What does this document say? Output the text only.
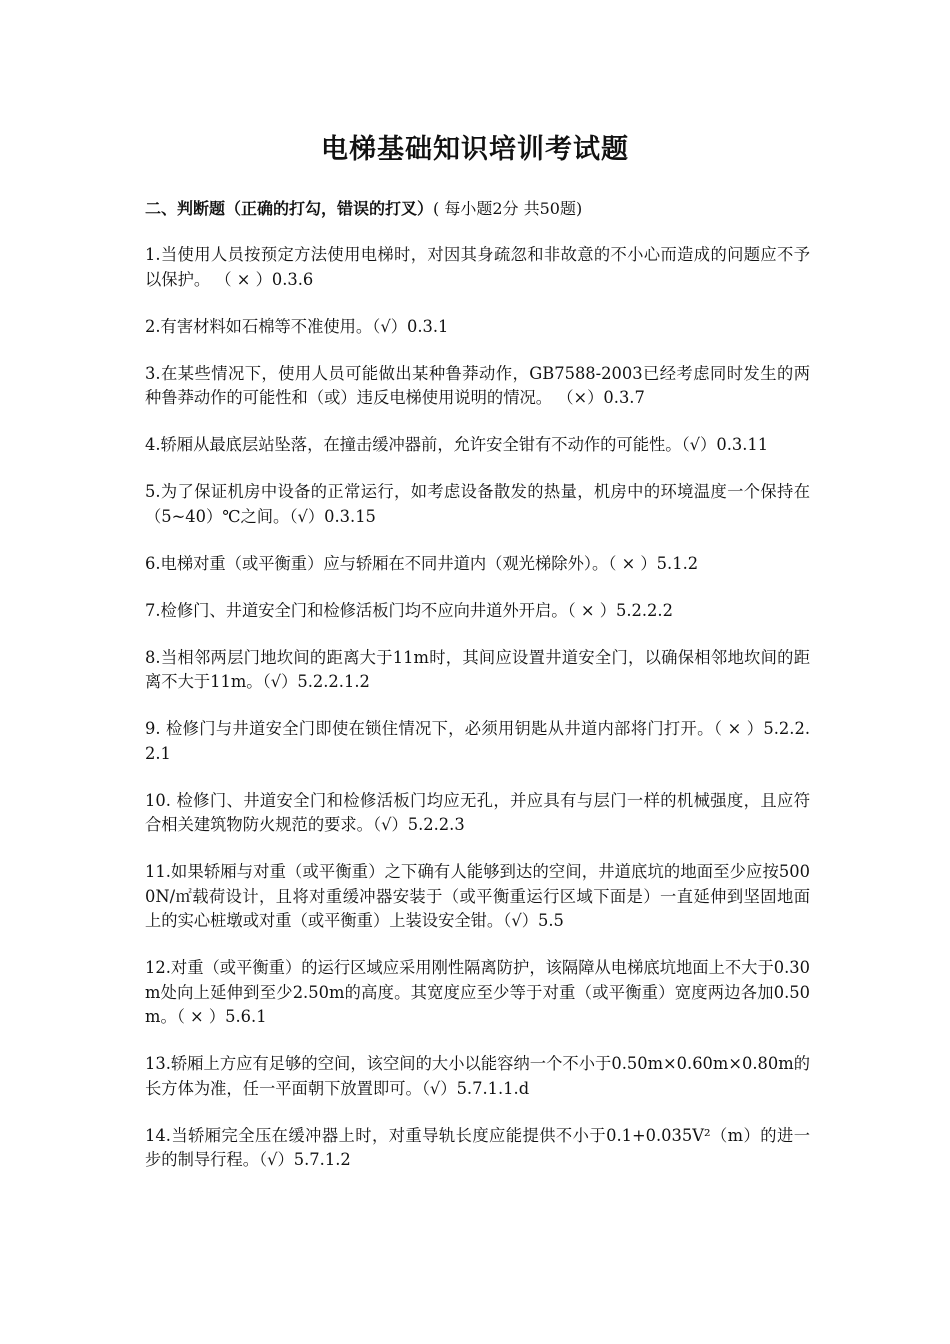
电梯基础知识培训考试题
二、判断题（正确的打勾，错误的打叉）( 每小题2分 共50题)
1.当使用人员按预定方法使用电梯时，对因其身疏忽和非故意的不小心而造成的问题应不予以保护。 （ × ）0.3.6
2.有害材料如石棉等不准使用。（√）0.3.1
3.在某些情况下，使用人员可能做出某种鲁莽动作，GB7588-2003已经考虑同时发生的两种鲁莽动作的可能性和（或）违反电梯使用说明的情况。 （×）0.3.7
4.轿厢从最底层站坠落，在撞击缓冲器前，允许安全钳有不动作的可能性。（√）0.3.11
5.为了保证机房中设备的正常运行，如考虑设备散发的热量，机房中的环境温度一个保持在（5~40）℃之间。（√）0.3.15
6.电梯对重（或平衡重）应与轿厢在不同井道内（观光梯除外）。（ × ）5.1.2
7.检修门、井道安全门和检修活板门均不应向井道外开启。（ × ）5.2.2.2
8.当相邻两层门地坎间的距离大于11m时，其间应设置井道安全门，以确保相邻地坎间的距离不大于11m。（√）5.2.2.1.2
9. 检修门与井道安全门即使在锁住情况下，必须用钥匙从井道内部将门打开。（ × ）5.2.2.2.1
10. 检修门、井道安全门和检修活板门均应无孔，并应具有与层门一样的机械强度，且应符合相关建筑物防火规范的要求。（√）5.2.2.3
11.如果轿厢与对重（或平衡重）之下确有人能够到达的空间，井道底坑的地面至少应按5000N/㎡载荷设计，且将对重缓冲器安装于（或平衡重运行区域下面是）一直延伸到坚固地面上的实心桩墩或对重（或平衡重）上装设安全钳。（√）5.5
12.对重（或平衡重）的运行区域应采用刚性隔离防护，该隔障从电梯底坑地面上不大于0.30m处向上延伸到至少2.50m的高度。其宽度应至少等于对重（或平衡重）宽度两边各加0.50m。（ × ）5.6.1
13.轿厢上方应有足够的空间，该空间的大小以能容纳一个不小于0.50m×0.60m×0.80m的长方体为准，任一平面朝下放置即可。（√）5.7.1.1.d
14.当轿厢完全压在缓冲器上时，对重导轨长度应能提供不小于0.1+0.035V²（m）的进一步的制导行程。（√）5.7.1.2
